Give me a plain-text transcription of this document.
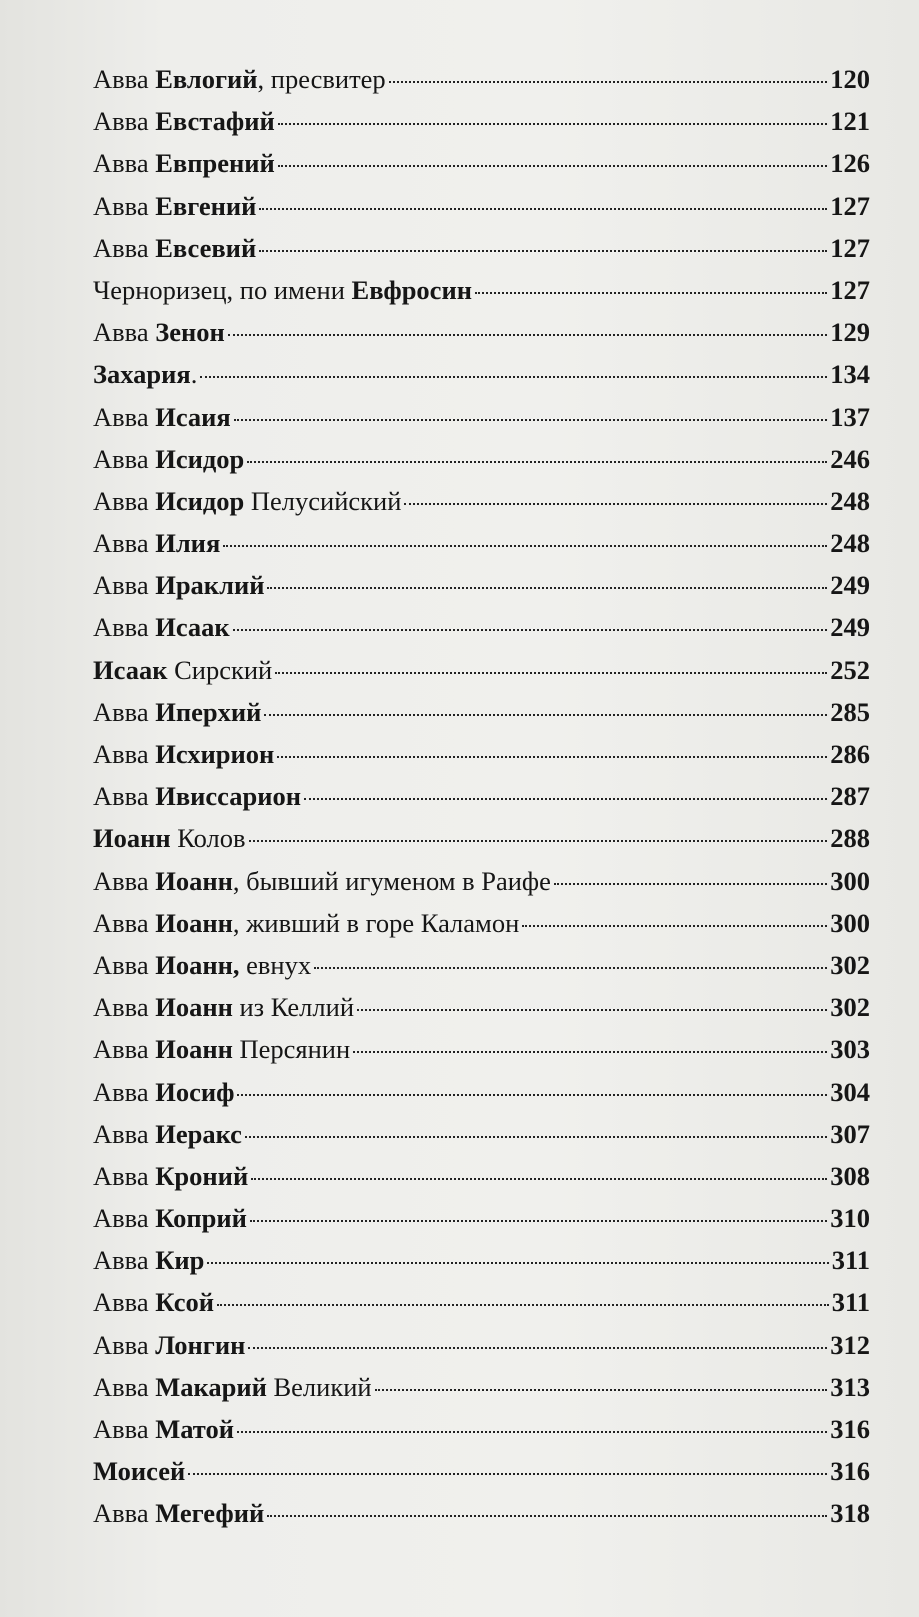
Авва Евлогий, пресвитер	120
Авва Евстафий	121
Авва Евпрений	126
Авва Евгений	127
Авва Евсевий	127
Черноризец, по имени Евфросин	127
Авва Зенон	129
Захария.	134
Авва Исаия	137
Авва Исидор	246
Авва Исидор Пелусийский	248
Авва Илия	248
Авва Ираклий	249
Авва Исаак	249
Исаак Сирский	252
Авва Иперхий	285
Авва Исхирион	286
Авва Ивиссарион	287
Иоанн Колов	288
Авва Иоанн, бывший игуменом в Раифе	300
Авва Иоанн, живший в горе Каламон	300
Авва Иоанн, евнух	302
Авва Иоанн из Келлий	302
Авва Иоанн Персянин	303
Авва Иосиф	304
Авва Иеракс	307
Авва Кроний	308
Авва Коприй	310
Авва Кир	311
Авва Ксой	311
Авва Лонгин	312
Авва Макарий Великий	313
Авва Матой	316
Моисей	316
Авва Мегефий	318
